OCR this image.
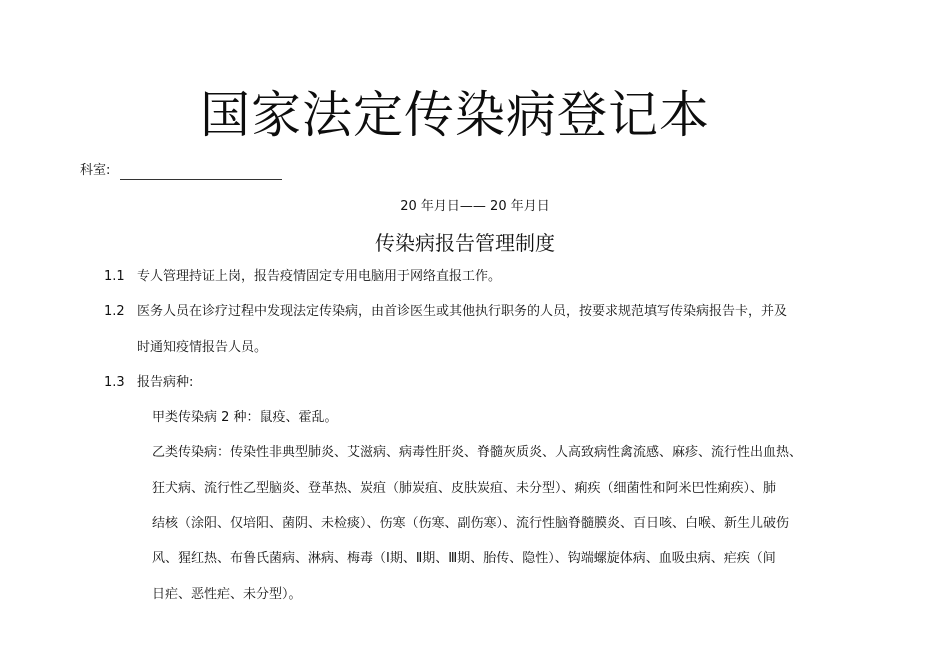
国家法定传染病登记本
科室:
20 年月日—— 20 年月日
传染病报告管理制度
1.1 专人管理持证上岗，报告疫情固定专用电脑用于网络直报工作。
1.2 医务人员在诊疗过程中发现法定传染病，由首诊医生或其他执行职务的人员，按要求规范填写传染病报告卡，并及
时通知疫情报告人员。
1.3 报告病种:
甲类传染病 2 种：鼠疫、霍乱。
乙类传染病：传染性非典型肺炎、艾滋病、病毒性肝炎、脊髓灰质炎、人高致病性禽流感、麻疹、流行性出血热、
狂犬病、流行性乙型脑炎、登革热、炭疽（肺炭疽、皮肤炭疽、未分型）、痢疾（细菌性和阿米巴性痢疾）、肺
结核（涂阳、仅培阳、菌阴、未检痰）、伤寒（伤寒、副伤寒）、流行性脑脊髓膜炎、百日咳、白喉、新生儿破伤
风、猩红热、布鲁氏菌病、淋病、梅毒（Ⅰ期、Ⅱ期、Ⅲ期、胎传、隐性）、钩端螺旋体病、血吸虫病、疟疾（间
日疟、恶性疟、未分型）。
